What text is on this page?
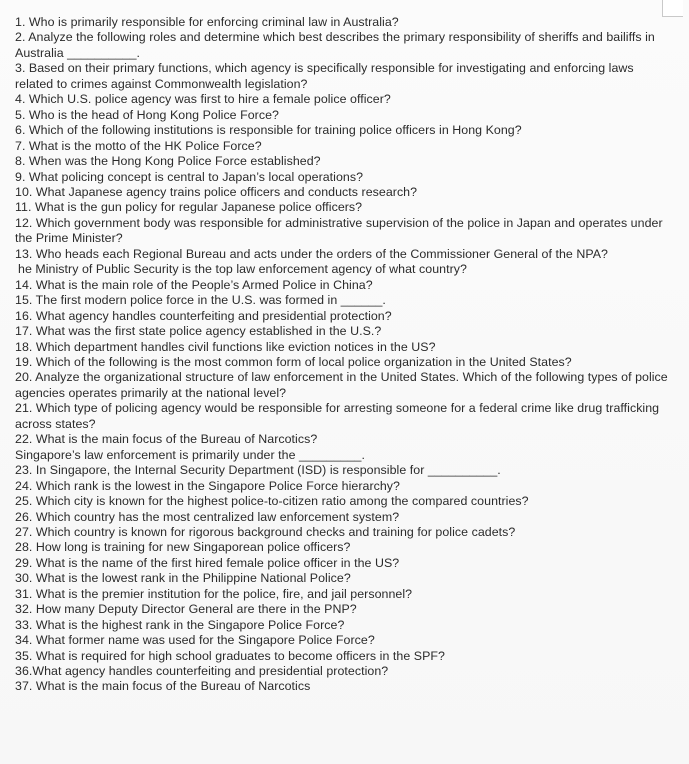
1. Who is primarily responsible for enforcing criminal law in Australia?
2. Analyze the following roles and determine which best describes the primary responsibility of sheriffs and bailiffs in Australia __________.
3. Based on their primary functions, which agency is specifically responsible for investigating and enforcing laws related to crimes against Commonwealth legislation?
4. Which U.S. police agency was first to hire a female police officer?
5. Who is the head of Hong Kong Police Force?
6. Which of the following institutions is responsible for training police officers in Hong Kong?
7. What is the motto of the HK Police Force?
8. When was the Hong Kong Police Force established?
9. What policing concept is central to Japan’s local operations?
10. What Japanese agency trains police officers and conducts research?
11. What is the gun policy for regular Japanese police officers?
12. Which government body was responsible for administrative supervision of the police in Japan and operates under the Prime Minister?
13. Who heads each Regional Bureau and acts under the orders of the Commissioner General of the NPA?
he Ministry of Public Security is the top law enforcement agency of what country?
14. What is the main role of the People’s Armed Police in China?
15. The first modern police force in the U.S. was formed in ______.
16. What agency handles counterfeiting and presidential protection?
17. What was the first state police agency established in the U.S.?
18. Which department handles civil functions like eviction notices in the US?
19. Which of the following is the most common form of local police organization in the United States?
20. Analyze the organizational structure of law enforcement in the United States. Which of the following types of police agencies operates primarily at the national level?
21. Which type of policing agency would be responsible for arresting someone for a federal crime like drug trafficking across states?
22. What is the main focus of the Bureau of Narcotics?
Singapore’s law enforcement is primarily under the _________.
23. In Singapore, the Internal Security Department (ISD) is responsible for __________.
24. Which rank is the lowest in the Singapore Police Force hierarchy?
25. Which city is known for the highest police-to-citizen ratio among the compared countries?
26. Which country has the most centralized law enforcement system?
27. Which country is known for rigorous background checks and training for police cadets?
28. How long is training for new Singaporean police officers?
29. What is the name of the first hired female police officer in the US?
30. What is the lowest rank in the Philippine National Police?
31. What is the premier institution for the police, fire, and jail personnel?
32. How many Deputy Director General are there in the PNP?
33. What is the highest rank in the Singapore Police Force?
34. What former name was used for the Singapore Police Force?
35. What is required for high school graduates to become officers in the SPF?
36.What agency handles counterfeiting and presidential protection?
37. What is the main focus of the Bureau of Narcotics
